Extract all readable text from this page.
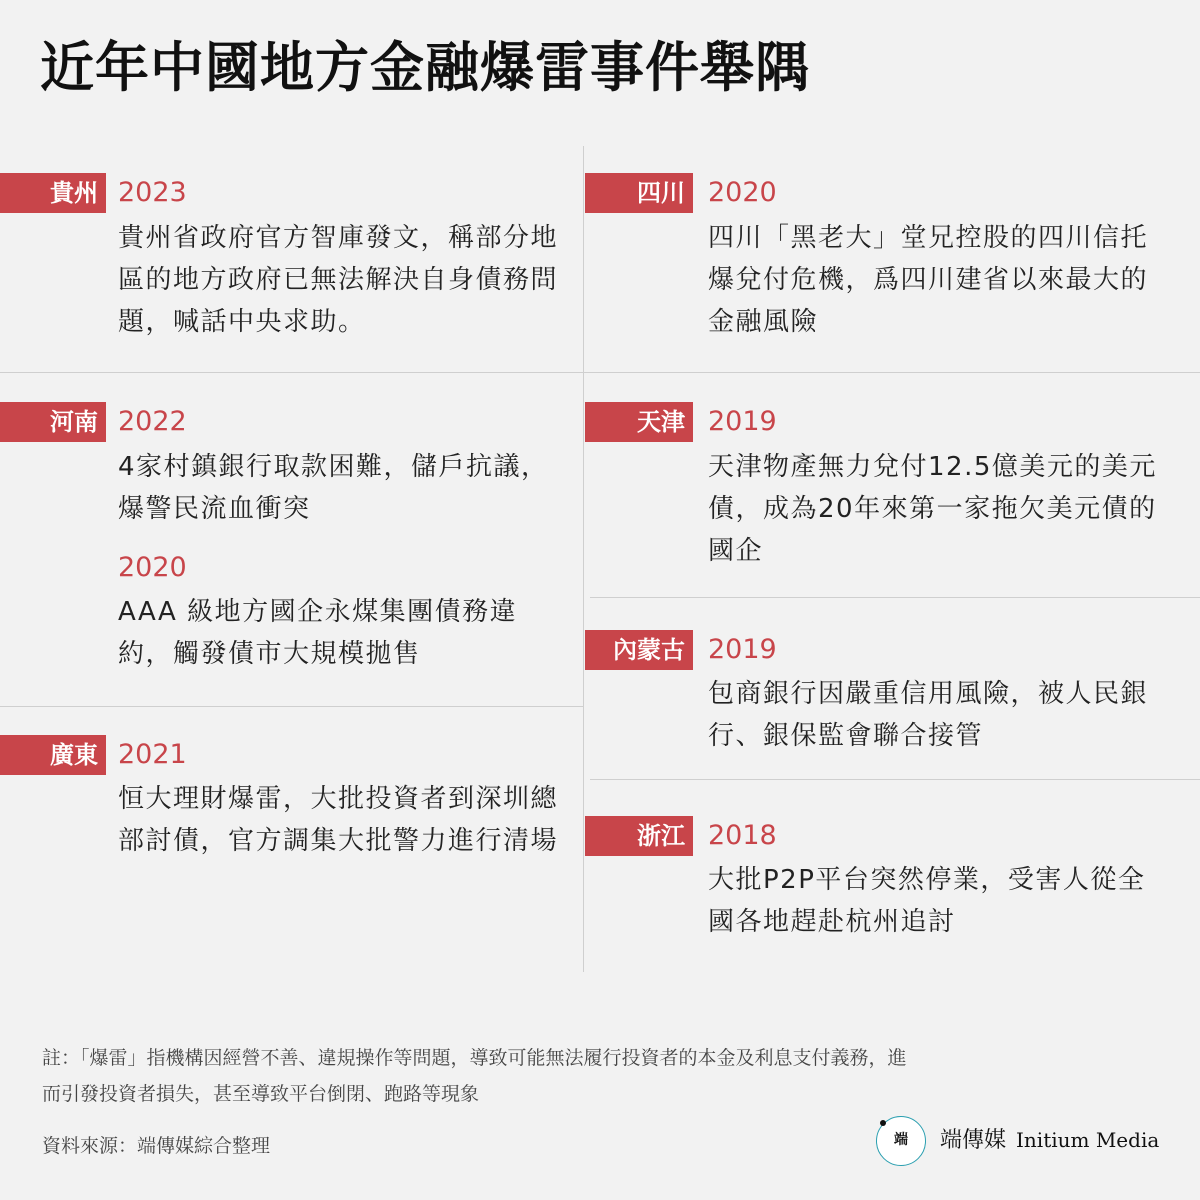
近年中國地方金融爆雷事件舉隅
貴州 2023
貴州省政府官方智庫發文，稱部分地區的地方政府已無法解決自身債務問題，喊話中央求助。
河南 2022
4家村鎮銀行取款困難，儲戶抗議，爆警民流血衝突
2020
AAA 級地方國企永煤集團債務違約，觸發債市大規模拋售
廣東 2021
恒大理財爆雷，大批投資者到深圳總部討債，官方調集大批警力進行清場
四川 2020
四川「黑老大」堂兄控股的四川信托爆兌付危機，爲四川建省以來最大的金融風險
天津 2019
天津物產無力兌付12.5億美元的美元債，成為20年來第一家拖欠美元債的國企
內蒙古 2019
包商銀行因嚴重信用風險，被人民銀行、銀保監會聯合接管
浙江 2018
大批P2P平台突然停業，受害人從全國各地趕赴杭州追討
註：「爆雷」指機構因經營不善、違規操作等問題，導致可能無法履行投資者的本金及利息支付義務，進而引發投資者損失，甚至導致平台倒閉、跑路等現象
資料來源：端傳媒綜合整理	端	端傳媒 Initium Media
